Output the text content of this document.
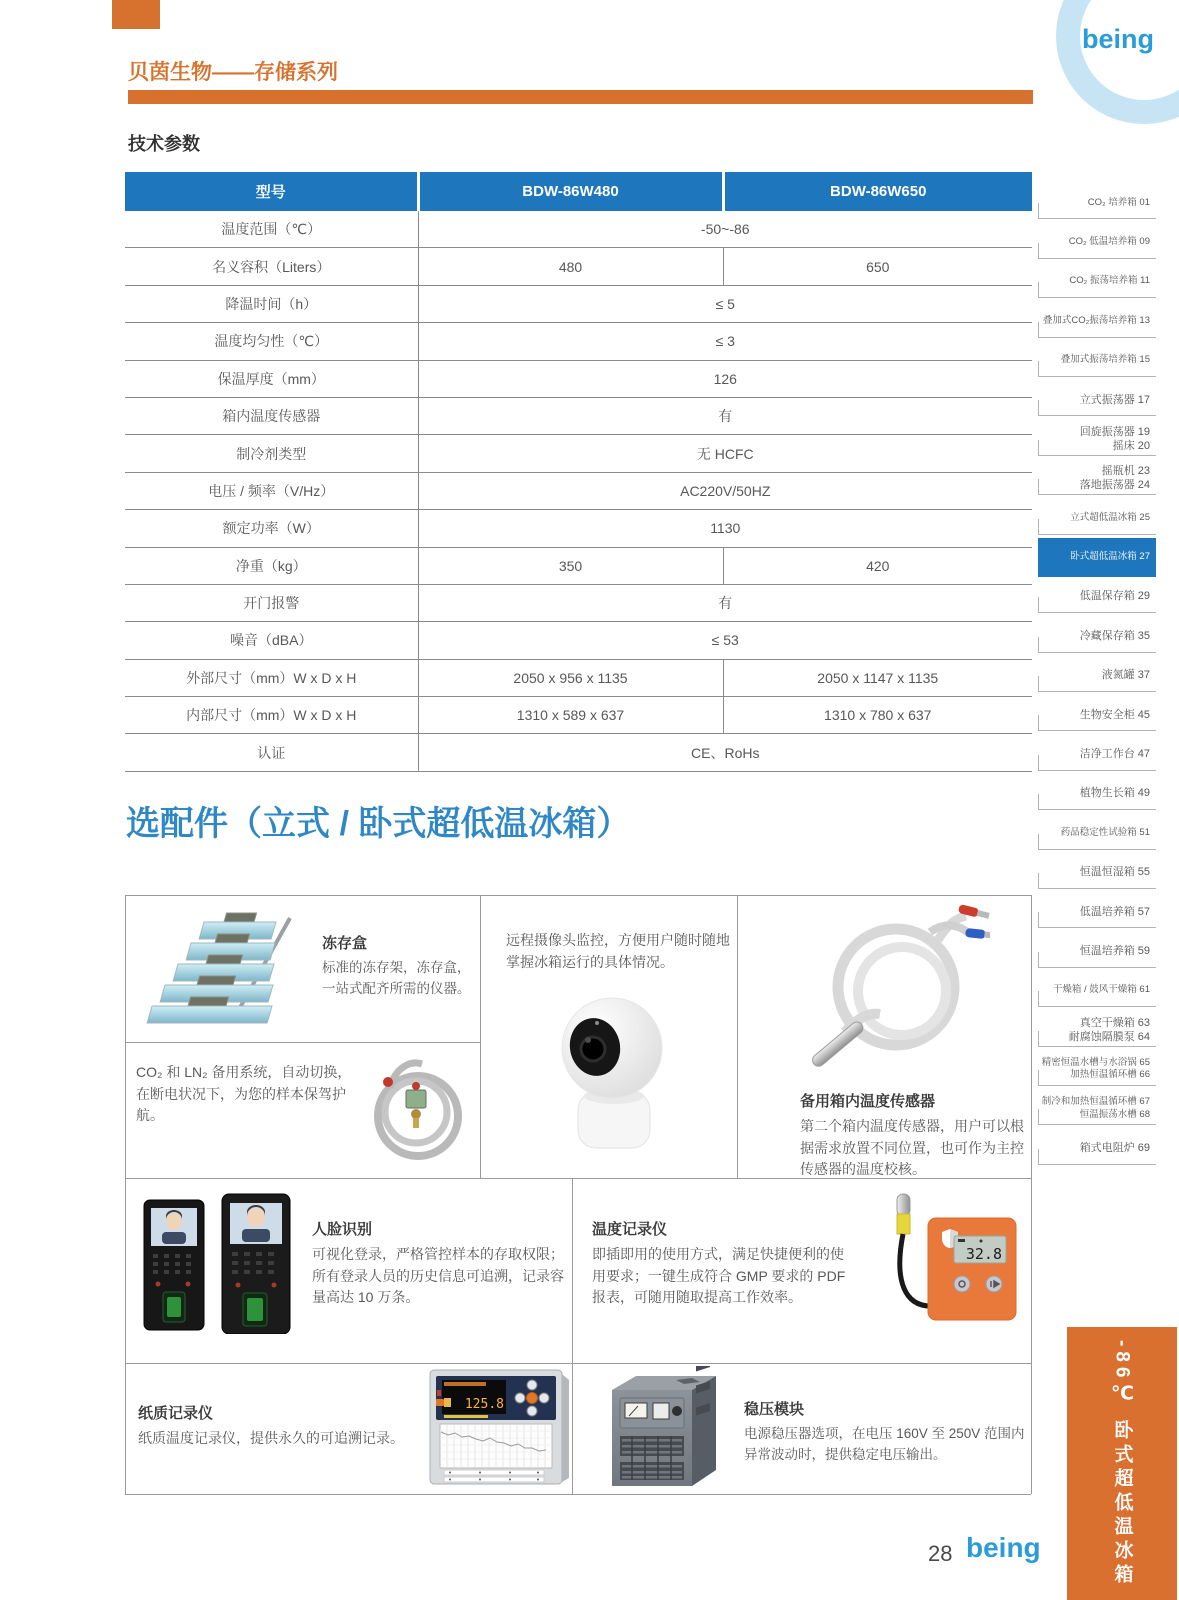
being
贝茵生物——存储系列
技术参数
型号	BDW-86W480	BDW-86W650
温度范围（℃）	-50~-86	
名义容积（Liters）	480	650
降温时间（h）	≤ 5	
温度均匀性（℃）	≤ 3	
保温厚度（mm）	126	
箱内温度传感器	有	
制冷剂类型	无 HCFC	
电压 / 频率（V/Hz）	AC220V/50HZ	
额定功率（W）	1130	
净重（kg）	350	420
开门报警	有	
噪音（dBA）	≤ 53	
外部尺寸（mm）W x D x H	2050 x 956 x 1135	2050 x 1147 x 1135
内部尺寸（mm）W x D x H	1310 x 589 x 637	1310 x 780 x 637
认证	CE、RoHs	
CO₂ 培养箱 01
CO₂ 低温培养箱 09
CO₂ 振荡培养箱 11
叠加式CO₂振荡培养箱 13
叠加式振荡培养箱 15
立式振荡器 17
回旋振荡器 19
摇床 20
摇瓶机 23
落地振荡器 24
立式超低温冰箱 25
卧式超低温冰箱 27
低温保存箱 29
冷藏保存箱 35
液氮罐 37
生物安全柜 45
洁净工作台 47
植物生长箱 49
药品稳定性试验箱 51
恒温恒湿箱 55
低温培养箱 57
恒温培养箱 59
干燥箱 / 鼓风干燥箱 61
真空干燥箱 63
耐腐蚀隔膜泵 64
精密恒温水槽与水浴锅 65
加热恒温循环槽 66
制冷和加热恒温循环槽 67
恒温振荡水槽 68
箱式电阻炉 69
选配件（立式 / 卧式超低温冰箱）
冻存盒
标准的冻存架，冻存盒，一站式配齐所需的仪器。
CO₂ 和 LN₂ 备用系统，自动切换，在断电状况下，为您的样本保驾护航。
远程摄像头监控，方便用户随时随地掌握冰箱运行的具体情况。
备用箱内温度传感器
第二个箱内温度传感器，用户可以根据需求放置不同位置，也可作为主控传感器的温度校核。
人脸识别
可视化登录，严格管控样本的存取权限；所有登录人员的历史信息可追溯，记录容量高达 10 万条。
温度记录仪
即插即用的使用方式，满足快捷便利的使用要求；一键生成符合 GMP 要求的 PDF 报表，可随用随取提高工作效率。
32.8
纸质记录仪
纸质温度记录仪，提供永久的可追溯记录。
125.8	稳压模块
电源稳压器选项，在电压 160V 至 250V 范围内异常波动时，提供稳定电压输出。	-86℃ 卧式超低温冰箱
28 being
